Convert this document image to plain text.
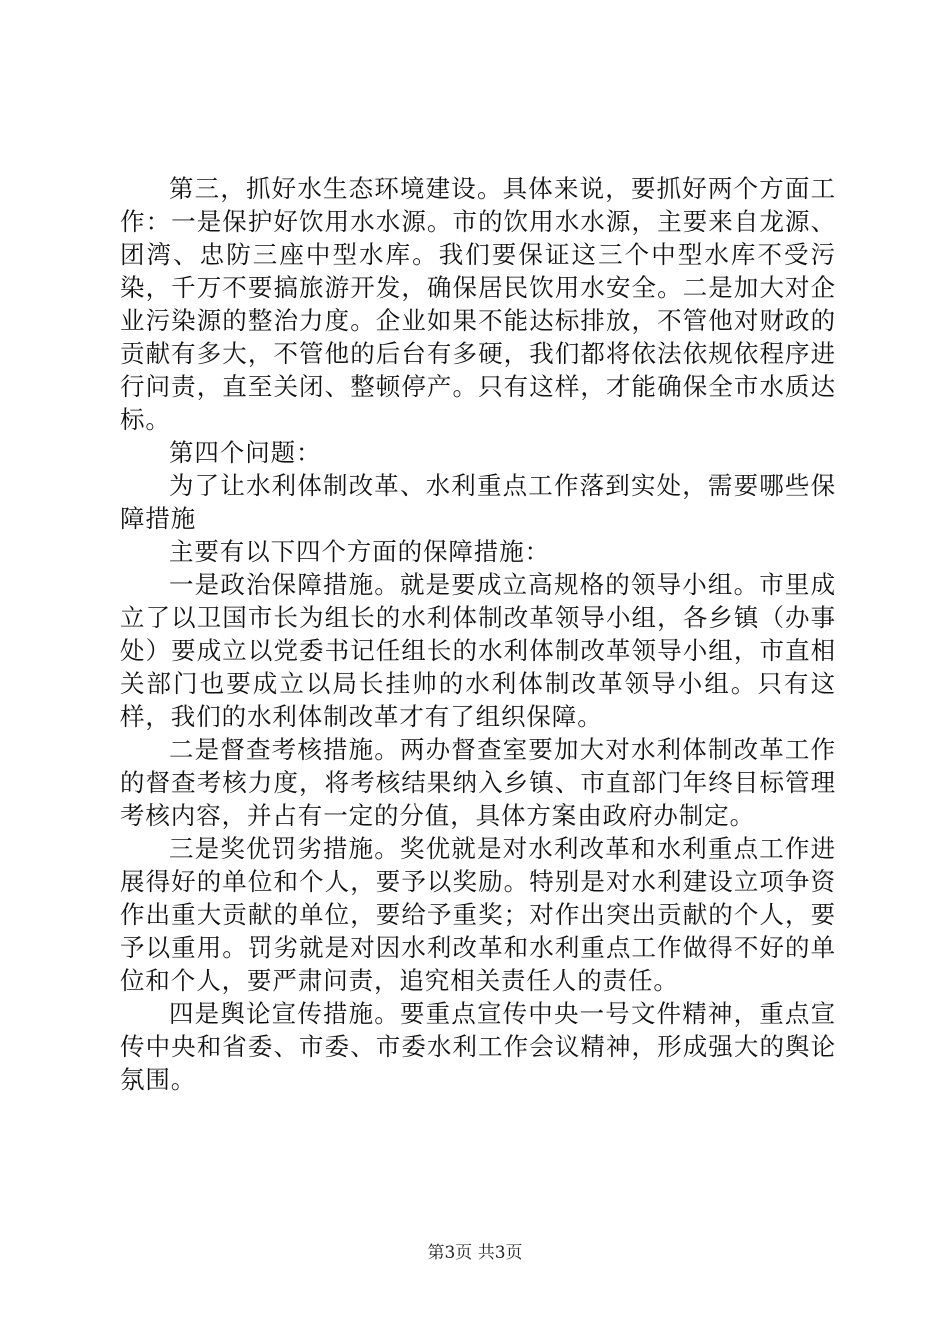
第三，抓好水生态环境建设。具体来说，要抓好两个方面工作：一是保护好饮用水水源。市的饮用水水源，主要来自龙源、团湾、忠防三座中型水库。我们要保证这三个中型水库不受污染，千万不要搞旅游开发，确保居民饮用水安全。二是加大对企业污染源的整治力度。企业如果不能达标排放，不管他对财政的贡献有多大，不管他的后台有多硬，我们都将依法依规依程序进行问责，直至关闭、整顿停产。只有这样，才能确保全市水质达标。

第四个问题：

为了让水利体制改革、水利重点工作落到实处，需要哪些保障措施

主要有以下四个方面的保障措施：

一是政治保障措施。就是要成立高规格的领导小组。市里成立了以卫国市长为组长的水利体制改革领导小组，各乡镇（办事处）要成立以党委书记任组长的水利体制改革领导小组，市直相关部门也要成立以局长挂帅的水利体制改革领导小组。只有这样，我们的水利体制改革才有了组织保障。

二是督查考核措施。两办督查室要加大对水利体制改革工作的督查考核力度，将考核结果纳入乡镇、市直部门年终目标管理考核内容，并占有一定的分值，具体方案由政府办制定。

三是奖优罚劣措施。奖优就是对水利改革和水利重点工作进展得好的单位和个人，要予以奖励。特别是对水利建设立项争资作出重大贡献的单位，要给予重奖；对作出突出贡献的个人，要予以重用。罚劣就是对因水利改革和水利重点工作做得不好的单位和个人，要严肃问责，追究相关责任人的责任。

四是舆论宣传措施。要重点宣传中央一号文件精神，重点宣传中央和省委、市委、市委水利工作会议精神，形成强大的舆论氛围。

第3页 共3页
